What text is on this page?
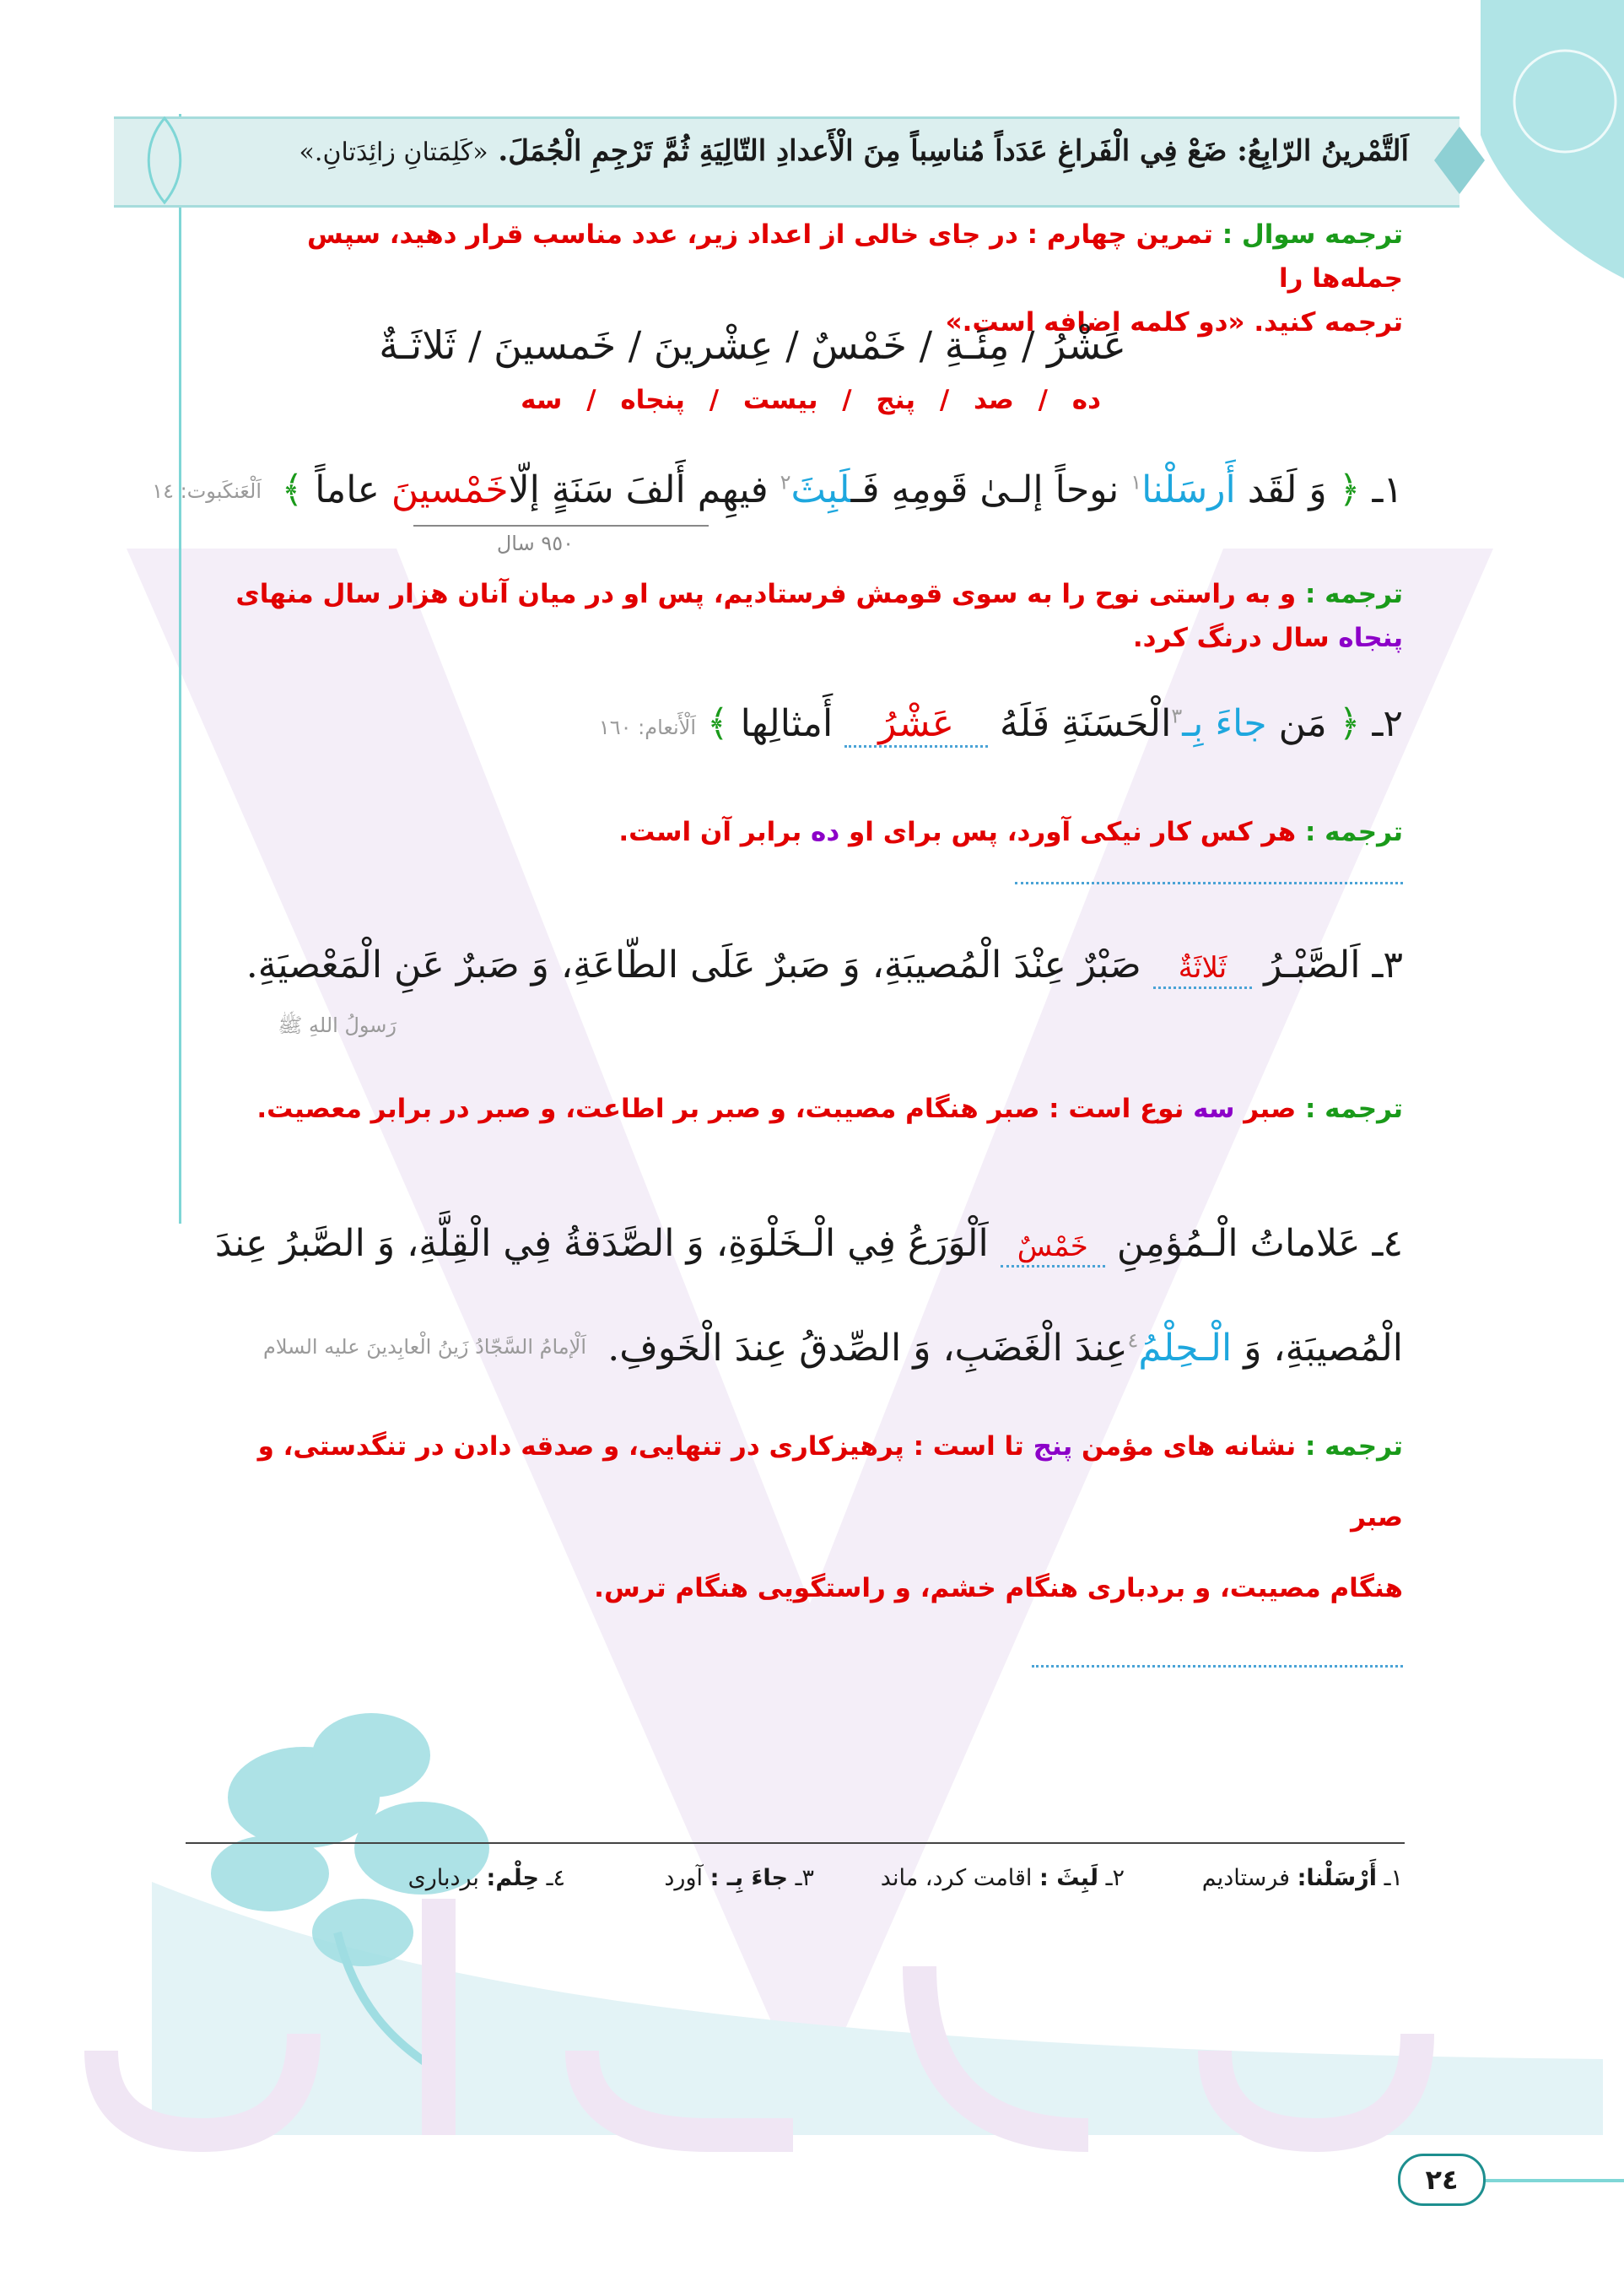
اَلتَّمْرينُ الرّابِعُ: ضَعْ فِي الْفَراغِ عَدَداً مُناسِباً مِنَ الْأَعدادِ التّالِيَةِ ثُمَّ تَرْجِمِ الْجُمَلَ. «كَلِمَتانِ زائِدَتانِ.»
ترجمه سوال : تمرین چهارم : در جای خالی از اعداد زیر، عدد مناسب قرار دهید، سپس جمله‌ها را
ترجمه کنید. «دو کلمه اضافه است.»
عَشْرُ / مِئَـةِ / خَمْسٌ / عِشْرينَ / خَمسينَ / ثَلاثَـةٌ
ده / صد / پنج / بیست / پنجاه / سه
١ـ ﴿ وَ لَقَد أَرسَلْنا$^١$ نوحاً إلـىٰ قَومِهِ فَـلَبِثَ$^٢$ فيهِم أَلفَ سَنَةٍ إلّاخَمْسينَ عاماً ﴾
اَلْعَنكَبوت: ١٤
٩٥٠ سال
ترجمه : و به راستی نوح را به سوی قومش فرستادیم، پس او در میان آنان هزار سال منهای پنجاه سال درنگ کرد.
٢ـ ﴿ مَن جاءَ بِـ$^٣$الْحَسَنَةِ فَلَهُ عَشْرُ أَمثالِها ﴾
اَلْأَنعام: ١٦٠
ترجمه : هر کس کار نیکی آورد، پس برای او ده برابر آن است.
٣ـ اَلصَّبْـرُ ثَلاثَةٌ صَبْرٌ عِنْدَ الْمُصيبَةِ، وَ صَبرٌ عَلَى الطّاعَةِ، وَ صَبرٌ عَنِ الْمَعْصيَةِ.
رَسولُ اللهِ ﷺ
ترجمه : صبر سه نوع است : صبر هنگام مصیبت، و صبر بر اطاعت، و صبر در برابر معصیت.
٤ـ عَلاماتُ الْـمُؤمِنِ خَمْسٌ اَلْوَرَعُ فِي الْـخَلْوَةِ، وَ الصَّدَقةُ فِي الْقِلَّةِ، وَ الصَّبرُ عِندَ
الْمُصيبَةِ، وَ الْـحِلْمُ$^٤$عِندَ الْغَضَبِ، وَ الصِّدقُ عِندَ الْخَوفِ.
اَلْإمامُ السَّجّادُ زَينُ الْعابِدينَ عليه السلام
ترجمه : نشانه های مؤمن پنج تا است : پرهیزکاری در تنهایی، و صدقه دادن در تنگدستی، و صبر
هنگام مصیبت، و بردباری هنگام خشم، و راستگویی هنگام ترس.
١ـ أَرْسَلْنا: فرستادیم
٢ـ لَبِثَ : اقامت کرد، ماند
٣ـ جاءَ بِـ : آورد
٤ـ حِلْم: بردباری
٢٤
